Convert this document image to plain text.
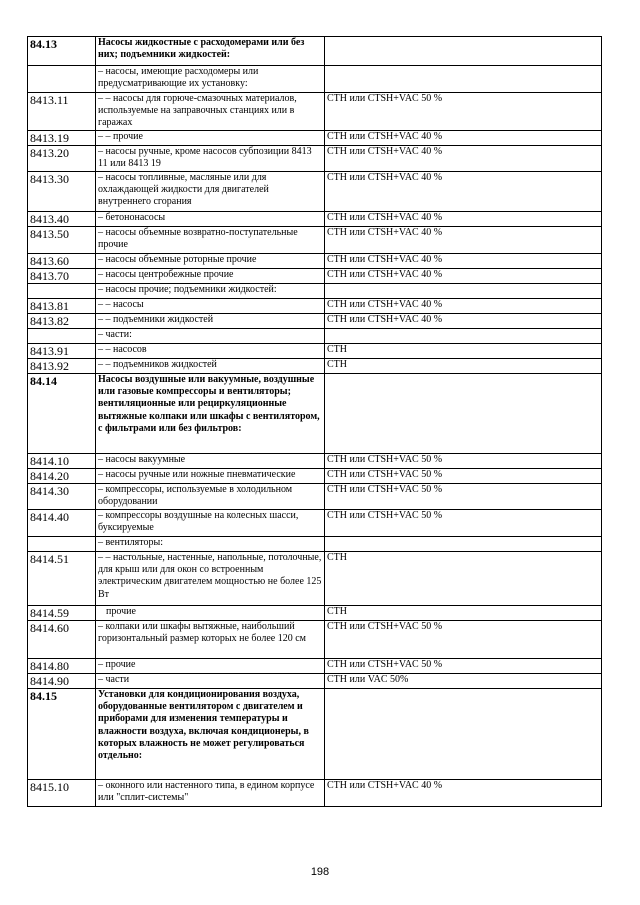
84.13	Насосы жидкостные с расходомерами или без них; подъемники жидкостей:	
	– насосы, имеющие расходомеры или предусматривающие их установку:	
8413.11	– – насосы для горюче-смазочных материалов, используемые на заправочных станциях или в гаражах	CTH или CTSH+VAC 50 %
8413.19	– – прочие	CTH или CTSH+VAC 40 %
8413.20	– насосы ручные, кроме насосов субпозиции 8413 11 или 8413 19	CTH или CTSH+VAC 40 %
8413.30	– насосы топливные, масляные или для охлаждающей жидкости для двигателей внутреннего сгорания	CTH или CTSH+VAC 40 %
8413.40	– бетононасосы	CTH или CTSH+VAC 40 %
8413.50	– насосы объемные возвратно-поступательные прочие	CTH или CTSH+VAC 40 %
8413.60	– насосы объемные роторные прочие	CTH или CTSH+VAC 40 %
8413.70	– насосы центробежные прочие	CTH или CTSH+VAC 40 %
	– насосы прочие; подъемники жидкостей:	
8413.81	– – насосы	CTH или CTSH+VAC 40 %
8413.82	– – подъемники жидкостей	CTH или CTSH+VAC 40 %
	– части:	
8413.91	– – насосов	CTH
8413.92	– – подъемников жидкостей	CTH
84.14	Насосы воздушные или вакуумные, воздушные или газовые компрессоры и вентиляторы; вентиляционные или рециркуляционные вытяжные колпаки или шкафы с вентилятором, с фильтрами или без фильтров:	
8414.10	– насосы вакуумные	CTH или CTSH+VAC 50 %
8414.20	– насосы ручные или ножные пневматические	CTH или CTSH+VAC 50 %
8414.30	– компрессоры, используемые в холодильном оборудовании	CTH или CTSH+VAC 50 %
8414.40	– компрессоры воздушные на колесных шасси, буксируемые	CTH или CTSH+VAC 50 %
	– вентиляторы:	
8414.51	– – настольные, настенные, напольные, потолочные, для крыш или для окон со встроенным электрическим двигателем мощностью не более 125 Вт	CTH
8414.59	прочие	CTH
8414.60	– колпаки или шкафы вытяжные, наибольший горизонтальный размер которых не более 120 см	CTH или CTSH+VAC 50 %
8414.80	– прочие	CTH или CTSH+VAC 50 %
8414.90	– части	CTH или VAC 50%
84.15	Установки для кондиционирования воздуха, оборудованные вентилятором с двигателем и приборами для изменения температуры и влажности воздуха, включая кондиционеры, в которых влажность не может регулироваться отдельно:	
8415.10	– оконного или настенного типа, в едином корпусе или "сплит-системы"	CTH или CTSH+VAC 40 %
198
